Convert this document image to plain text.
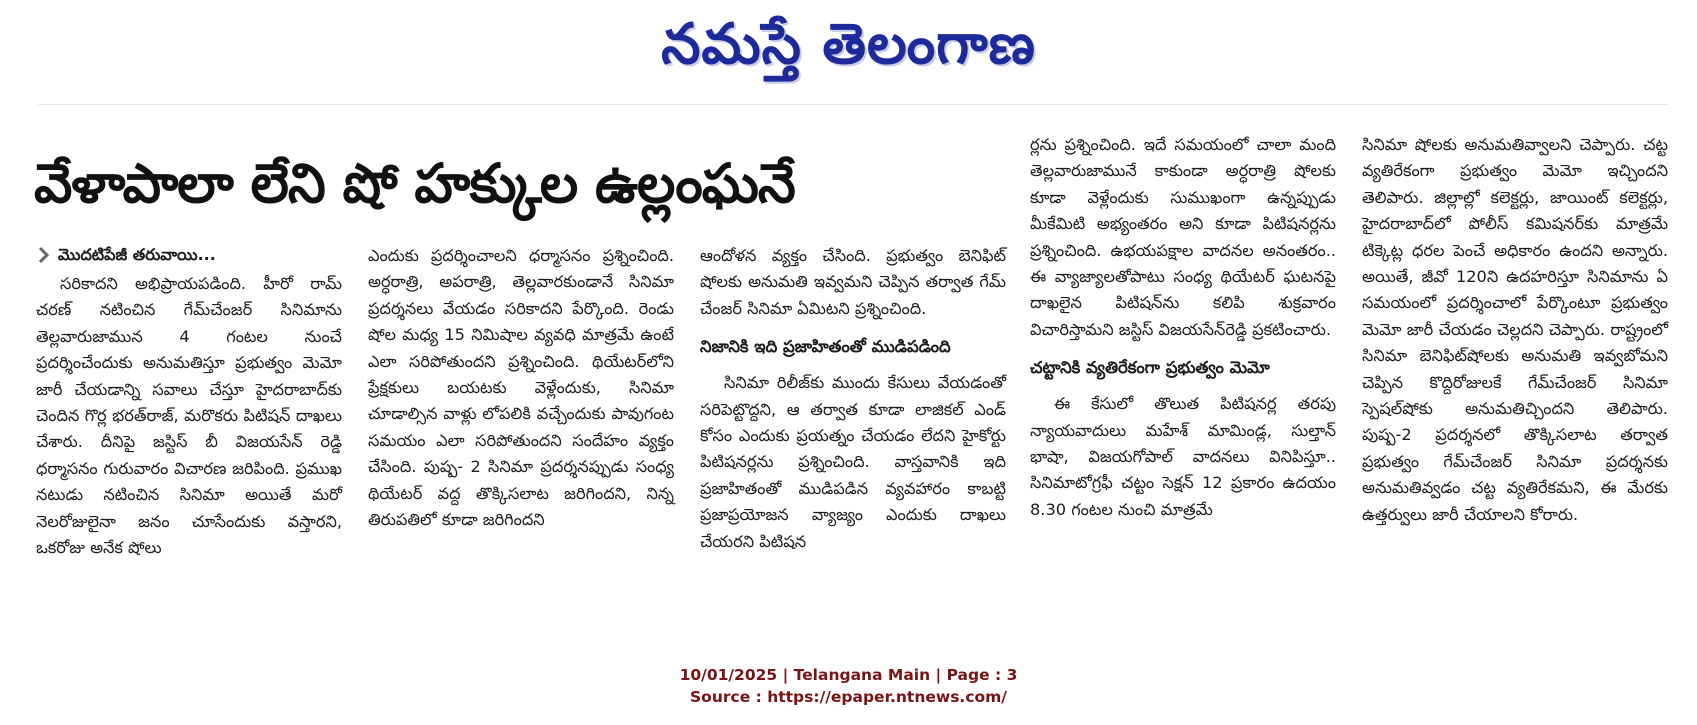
నమస్తే తెలంగాణ
వేళాపాలా లేని షో హక్కుల ఉల్లంఘనే

మొదటిపేజీ తరువాయి...

సరికాదని అభిప్రాయపడింది. హీరో రామ్ చరణ్ నటించిన గేమ్‌చేంజర్ సినిమాను తెల్లవారుజామున 4 గంటల నుంచే ప్రదర్శించేందుకు అనుమతిస్తూ ప్రభుత్వం మెమో జారీ చేయడాన్ని సవాలు చేస్తూ హైదరాబాద్‌కు చెందిన గొర్ల భరత్‌రాజ్, మరొకరు పిటిషన్ దాఖలు చేశారు. దీనిపై జస్టిస్ బీ విజయసేన్ రెడ్డి ధర్మాసనం గురువారం విచారణ జరిపింది. ప్రముఖ నటుడు నటించిన సినిమా అయితే మరో నెలరోజులైనా జనం చూసేందుకు వస్తారని, ఒకరోజు అనేక షోలు

ఎందుకు ప్రదర్శించాలని ధర్మాసనం ప్రశ్నించింది. అర్ధరాత్రి, అపరాత్రి, తెల్లవారకుండానే సినిమా ప్రదర్శనలు వేయడం సరికాదని పేర్కొంది. రెండు షోల మధ్య 15 నిమిషాల వ్యవధి మాత్రమే ఉంటే ఎలా సరిపోతుందని ప్రశ్నించింది. థియేటర్‌లోని ప్రేక్షకులు బయటకు వెళ్లేందుకు, సినిమా చూడాల్సిన వాళ్లు లోపలికి వచ్చేందుకు పావుగంట సమయం ఎలా సరిపోతుందని సందేహం వ్యక్తం చేసింది. పుష్ప- 2 సినిమా ప్రదర్శనప్పుడు సంధ్య థియేటర్ వద్ద తొక్కిసలాట జరిగిందని, నిన్న తిరుపతిలో కూడా జరిగిందని

ఆందోళన వ్యక్తం చేసింది. ప్రభుత్వం బెనిఫిట్ షోలకు అనుమతి ఇవ్వమని చెప్పిన తర్వాత గేమ్ చేంజర్ సినిమా ఏమిటని ప్రశ్నించింది.

నిజానికి ఇది ప్రజాహితంతో ముడిపడింది

సినిమా రిలీజ్‌కు ముందు కేసులు వేయడంతో సరిపెట్టొద్దని, ఆ తర్వాత కూడా లాజికల్ ఎండ్ కోసం ఎందుకు ప్రయత్నం చేయడం లేదని హైకోర్టు పిటిషనర్లను ప్రశ్నించింది. వాస్తవానికి ఇది ప్రజాహితంతో ముడిపడిన వ్యవహారం కాబట్టి ప్రజాప్రయోజన వ్యాజ్యం ఎందుకు దాఖలు చేయరని పిటిషన

ర్లను ప్రశ్నించింది. ఇదే సమయంలో చాలా మంది తెల్లవారుజామునే కాకుండా అర్ధరాత్రి షోలకు కూడా వెళ్లేందుకు సుముఖంగా ఉన్నప్పుడు మీకేమిటి అభ్యంతరం అని కూడా పిటిషనర్లను ప్రశ్నించింది. ఉభయపక్షాల వాదనల అనంతరం.. ఈ వ్యాజ్యాలతోపాటు సంధ్య థియేటర్ ఘటనపై దాఖలైన పిటిషన్‌ను కలిపి శుక్రవారం విచారిస్తామని జస్టిస్ విజయసేన్‌రెడ్డి ప్రకటించారు.

చట్టానికి వ్యతిరేకంగా ప్రభుత్వం మెమో

ఈ కేసులో తొలుత పిటిషనర్ల తరపు న్యాయవాదులు మహేశ్ మామిండ్ల, సుల్తాన్ భాషా, విజయగోపాల్ వాదనలు వినిపిస్తూ.. సినిమాటోగ్రఫీ చట్టం సెక్షన్ 12 ప్రకారం ఉదయం 8.30 గంటల నుంచి మాత్రమే

సినిమా షోలకు అనుమతివ్వాలని చెప్పారు. చట్ట వ్యతిరేకంగా ప్రభుత్వం మెమో ఇచ్చిందని తెలిపారు. జిల్లాల్లో కలెక్టర్లు, జాయింట్ కలెక్టర్లు, హైదరాబాద్‌లో పోలీస్ కమిషనర్‌కు మాత్రమే టిక్కెట్ల ధరల పెంచే అధికారం ఉందని అన్నారు. అయితే, జీవో 120ని ఉదహరిస్తూ సినిమాను ఏ సమయంలో ప్రదర్శించాలో పేర్కొంటూ ప్రభుత్వం మెమో జారీ చేయడం చెల్లదని చెప్పారు. రాష్ట్రంలో సినిమా బెనిఫిట్‌షోలకు అనుమతి ఇవ్వబోమని చెప్పిన కొద్దిరోజులకే గేమ్‌చేంజర్ సినిమా స్పెషల్‌షోకు అనుమతిచ్చిందని తెలిపారు. పుష్ప-2 ప్రదర్శనలో తొక్కిసలాట తర్వాత ప్రభుత్వం గేమ్‌చేంజర్ సినిమా ప్రదర్శనకు అనుమతివ్వడం చట్ట వ్యతిరేకమని, ఈ మేరకు ఉత్తర్వులు జారీ చేయాలని కోరారు.

10/01/2025 | Telangana Main | Page : 3
Source : https://epaper.ntnews.com/
